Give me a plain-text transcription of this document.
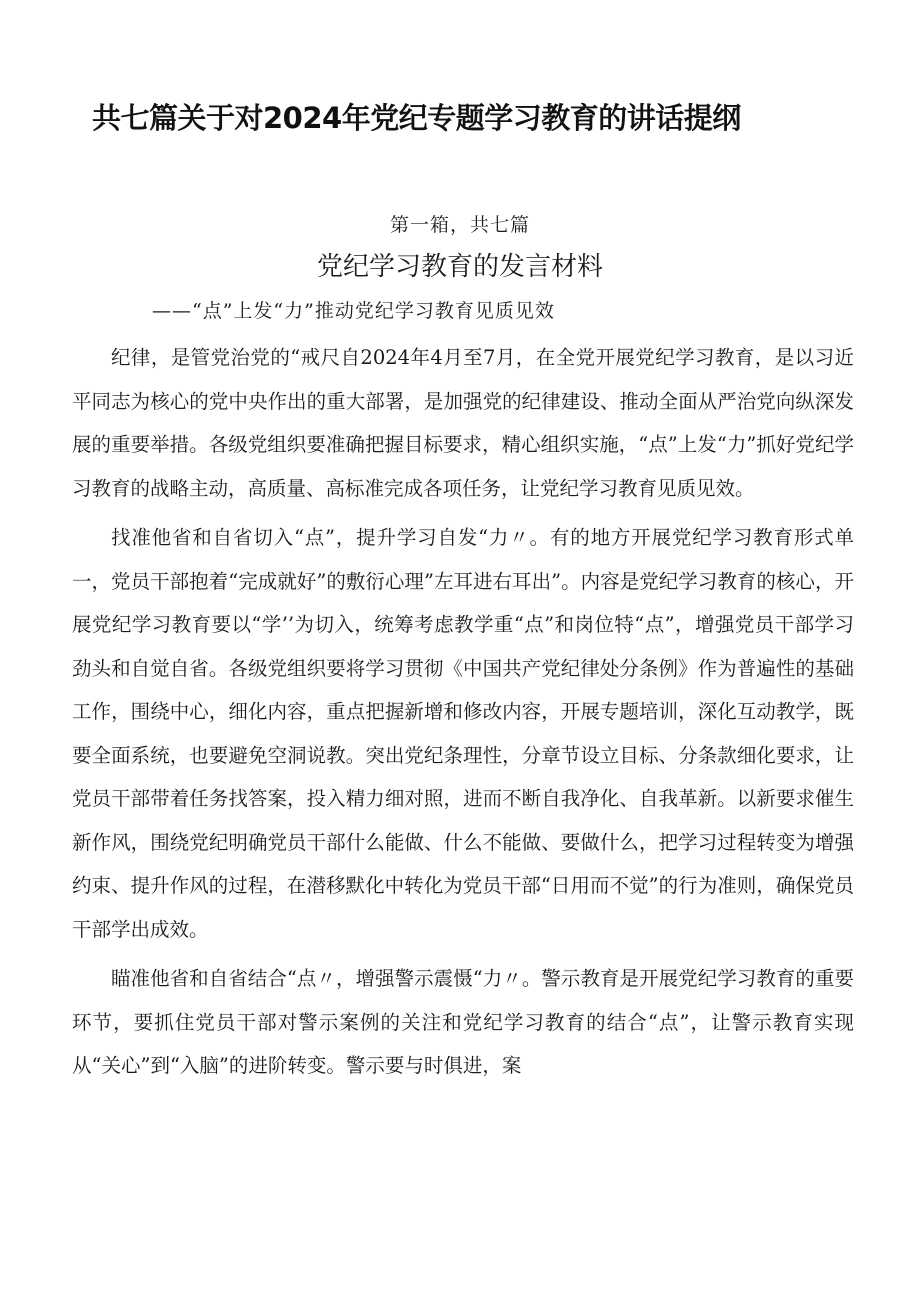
共七篇关于对2024年党纪专题学习教育的讲话提纲
第一箱，共七篇
党纪学习教育的发言材料
——“点”上发“力”推动党纪学习教育见质见效

纪律，是管党治党的“戒尺自2024年4月至7月，在全党开展党纪学习教育，是以习近平同志为核心的党中央作出的重大部署，是加强党的纪律建设、推动全面从严治党向纵深发展的重要举措。各级党组织要准确把握目标要求，精心组织实施，“点”上发“力”抓好党纪学习教育的战略主动，高质量、高标准完成各项任务，让党纪学习教育见质见效。

找准他省和自省切入“点”，提升学习自发“力〃。有的地方开展党纪学习教育形式单一，党员干部抱着“完成就好”的敷衍心理”左耳进右耳出”。内容是党纪学习教育的核心，开展党纪学习教育要以“学’’为切入，统筹考虑教学重“点”和岗位特“点”，增强党员干部学习劲头和自觉自省。各级党组织要将学习贯彻《中国共产党纪律处分条例》作为普遍性的基础工作，围绕中心，细化内容，重点把握新增和修改内容，开展专题培训，深化互动教学，既要全面系统，也要避免空洞说教。突出党纪条理性，分章节设立目标、分条款细化要求，让党员干部带着任务找答案，投入精力细对照，进而不断自我净化、自我革新。以新要求催生新作风，围绕党纪明确党员干部什么能做、什么不能做、要做什么，把学习过程转变为增强约束、提升作风的过程，在潜移默化中转化为党员干部“日用而不觉”的行为准则，确保党员干部学出成效。

瞄准他省和自省结合“点〃，增强警示震慑“力〃。警示教育是开展党纪学习教育的重要环节，要抓住党员干部对警示案例的关注和党纪学习教育的结合“点”，让警示教育实现从“关心”到“入脑”的进阶转变。警示要与时俱进，案
